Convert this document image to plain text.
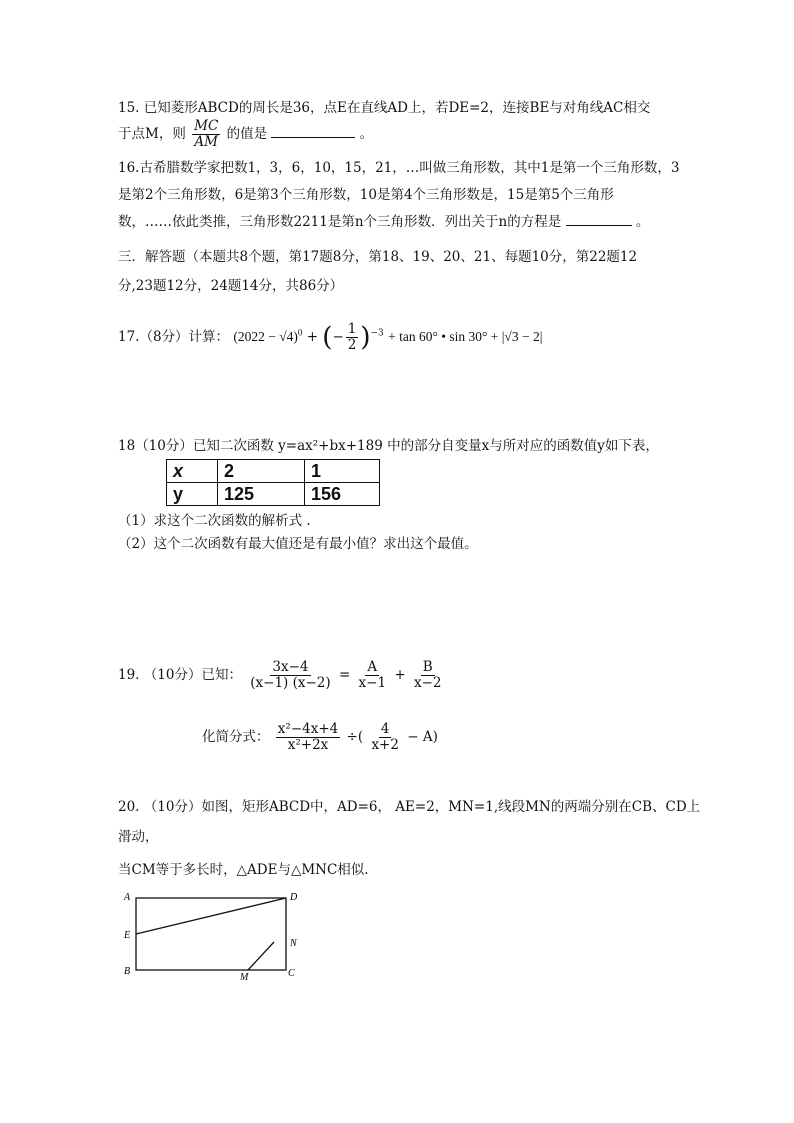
15. 已知菱形ABCD的周长是36，点E在直线AD上，若DE=2，连接BE与对角线AC相交
于点M，则 $\frac{MC}{AM}$ 的值是	。
16.古希腊数学家把数1，3，6，10，15，21，…叫做三角形数，其中1是第一个三角形数，3
是第2个三角形数，6是第3个三角形数，10是第4个三角形数是，15是第5个三角形
数，……依此类推，三角形数2211是第n个三角形数．列出关于n的方程是	。
三．解答题（本题共8个题，第17题8分，第18、19、20、21、每题10分，第22题12
分,23题12分，24题14分，共86分）
17.（8分）计算： $(2022 - √4)^0$ + (− $\frac{1}{2} )^{-3} + \tan 60^\circ$ • sin 30° + |√3 − 2|
18（10分）已知二次函数 y=ax²+bx+189 中的部分自变量x与所对应的函数值y如下表，
x	2	1
y	125	156
（1）求这个二次函数的解析式 .
（2）这个二次函数有最大值还是有最小值？求出这个最值。
19. （10分）已知： $\frac{3x-4}{(x-1) (x-2)} = \frac{A}{x-1} + \frac{B}{x-2}$
化简分式： $\frac{\text{x²−4x+4}}{\text{x²+2x}}$ ÷( $\frac{4}{x+2} - A$)
20. （10分）如图，矩形ABCD中，AD=6， AE=2，MN=1,线段MN的两端分别在CB、CD上
滑动，
当CM等于多长时，△ADE与△MNC相似.
A	D
E
N
B
M	C
